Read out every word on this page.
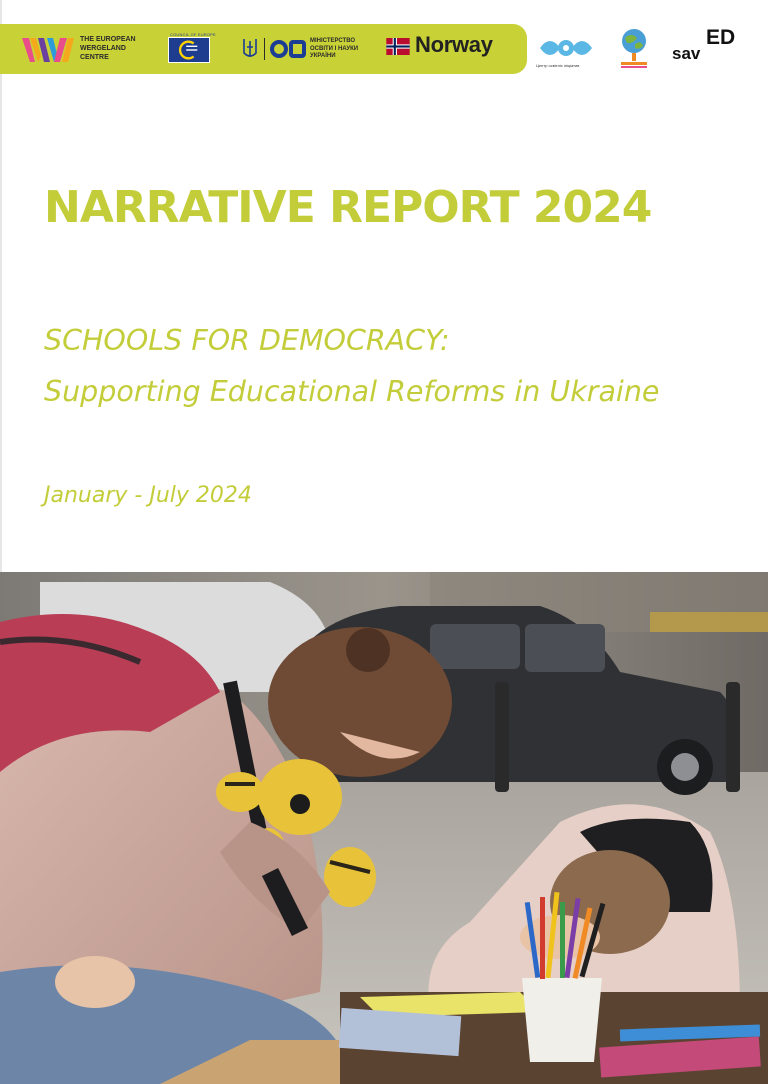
THE EUROPEAN
WERGELAND
CENTRE
COUNCIL OF EUROPE
МІНІСТЕРСТВО
ОСВІТИ І НАУКИ
УКРАЇНИ	Norway
Центр освітніх ініціатив
sav
ED
NARRATIVE REPORT 2024
SCHOOLS FOR DEMOCRACY:
Supporting Educational Reforms in Ukraine
January - July 2024
